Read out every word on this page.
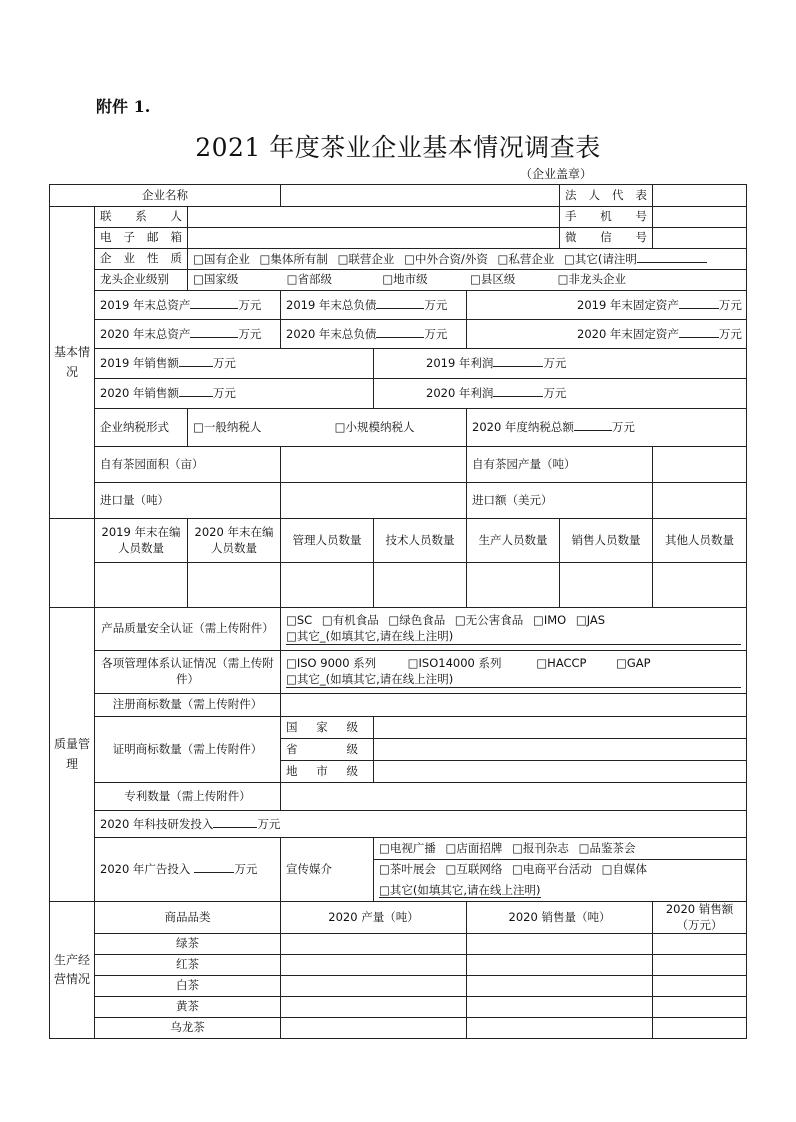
附件 1.
2021 年度茶业企业基本情况调查表
（企业盖章）
企业名称						法 人 代 表	

基本情况	联 系 人					手 机 号	

	电 子 邮 箱					微 信 号	

	企 业 性 质	□国有企业 □集体所有制 □联营企业 □中外合资/外资 □私营企业 □其它(请注明					
	龙头企业级别	□国家级 □省部级 □地市级 □县区级 □非龙头企业					
	2019 年末总资产 万元		2019 年末总负债 万元		2019 年末固定资产 万元		
	2020 年末总资产 万元		2020 年末总负债 万元		2020 年末固定资产 万元		
	2019 年销售额 万元			2019 年利润 万元			
	2020 年销售额 万元			2020 年利润 万元			
	企业纳税形式	□一般纳税人 □小规模纳税人			2020 年度纳税总额 万元		
	自有茶园面积（亩）				自有茶园产量（吨）		
	进口量（吨）				进口额（美元）		
	2019 年末在编人员数量	2020 年末在编人员数量	管理人员数量	技术人员数量	生产人员数量	销售人员数量	其他人员数量

质量管理	产品质量安全认证（需上传附件）		□SC □有机食品 □绿色食品 □无公害食品 □IMO □JAS
□其它_(如填其它,请在线上注明)				

	各项管理体系认证情况（需上传附件）		□ISO 9000 系列 □ISO14000 系列 □HACCP □GAP
□其它_(如填其它,请在线上注明)				

	注册商标数量（需上传附件）						
	证明商标数量（需上传附件）		国 家 级				

			省 级				

			地 市 级				

	专利数量（需上传附件）						
	2020 年科技研发投入 万元						
	2020 年广告投入 万元		宣传媒介	□电视广播 □店面招牌 □报刊杂志 □品鉴茶会			
				□茶叶展会 □互联网络 □电商平台活动 □自媒体			
				□其它(如填其它,请在线上注明)			
生产经营情况	商品品类		2020 产量（吨）		2020 销售量（吨）		2020 销售额（万元）
	绿茶						
	红茶						
	白茶						
	黄茶						
	乌龙茶						
